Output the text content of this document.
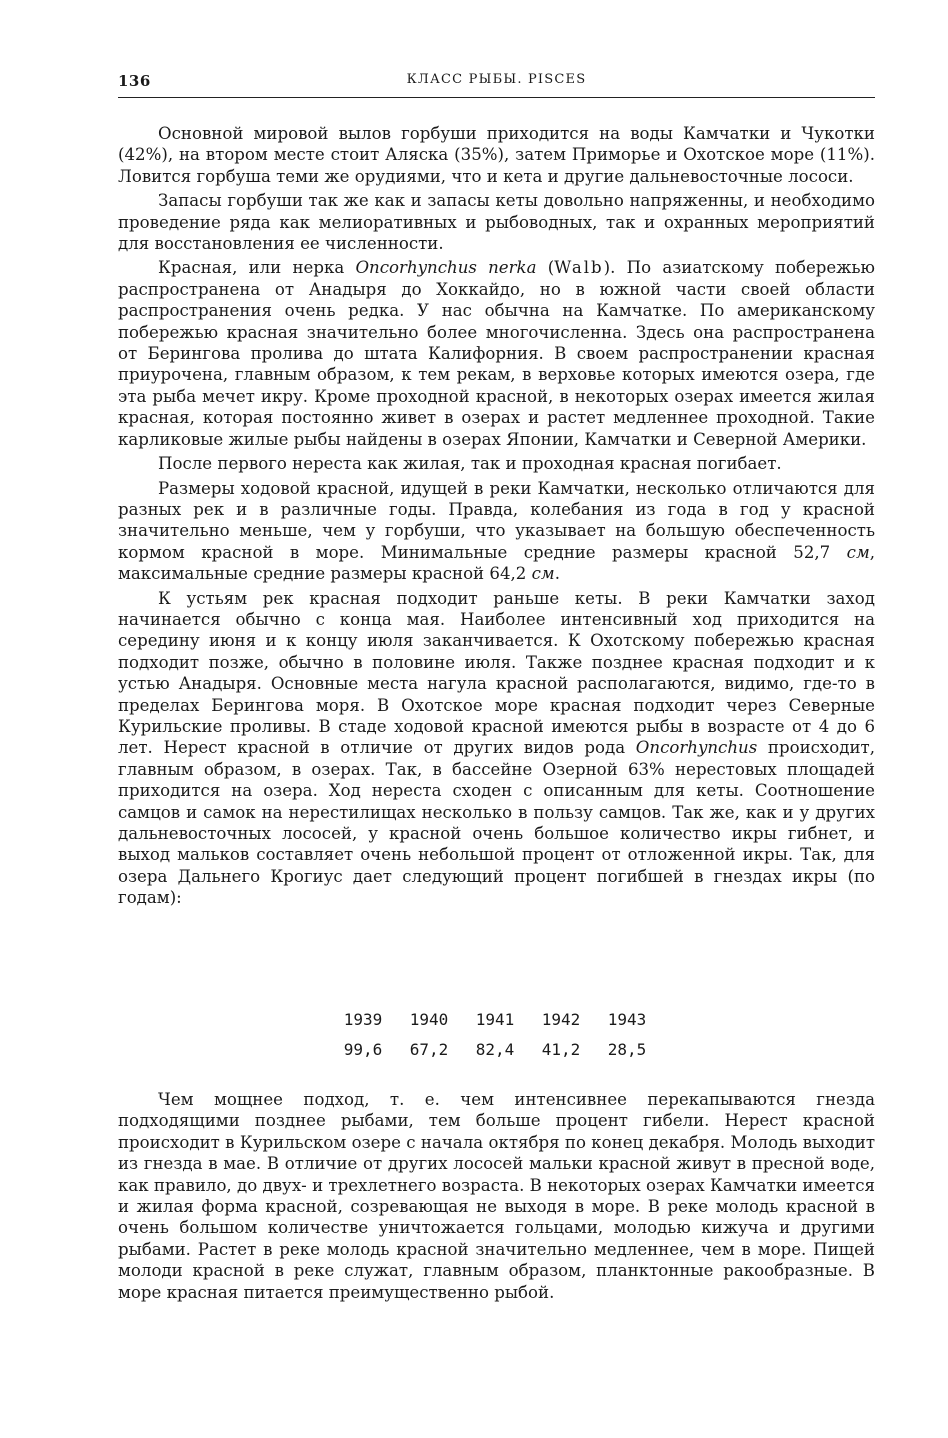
136	КЛАСС РЫБЫ. PISCES

Основной мировой вылов горбуши приходится на воды Камчатки и Чукотки (42%), на втором месте стоит Аляска (35%), затем Приморье и Охотское море (11%). Ловится горбуша теми же орудиями, что и кета и другие дальневосточные лососи.

Запасы горбуши так же как и запасы кеты довольно напряженны, и необходимо проведение ряда как мелиоративных и рыбоводных, так и охранных мероприятий для восстановления ее численности.

Красная, или нерка Oncorhynchus nerka (Walb). По азиатскому побережью распространена от Анадыря до Хоккайдо, но в южной части своей области распространения очень редка. У нас обычна на Камчатке. По американскому побережью красная значительно более многочисленна. Здесь она распространена от Берингова пролива до штата Калифорния. В своем распространении красная приурочена, главным образом, к тем рекам, в верховье которых имеются озера, где эта рыба мечет икру. Кроме проходной красной, в некоторых озерах имеется жилая красная, которая постоянно живет в озерах и растет медленнее проходной. Такие карликовые жилые рыбы найдены в озерах Японии, Камчатки и Северной Америки.

После первого нереста как жилая, так и проходная красная погибает.

Размеры ходовой красной, идущей в реки Камчатки, несколько отличаются для разных рек и в различные годы. Правда, колебания из года в год у красной значительно меньше, чем у горбуши, что указывает на большую обеспеченность кормом красной в море. Минимальные средние размеры красной 52,7 см, максимальные средние размеры красной 64,2 см.

К устьям рек красная подходит раньше кеты. В реки Камчатки заход начинается обычно с конца мая. Наиболее интенсивный ход приходится на середину июня и к концу июля заканчивается. К Охотскому побережью красная подходит позже, обычно в половине июля. Также позднее красная подходит и к устью Анадыря. Основные места нагула красной располагаются, видимо, где-то в пределах Берингова моря. В Охотское море красная подходит через Северные Курильские проливы. В стаде ходовой красной имеются рыбы в возрасте от 4 до 6 лет. Нерест красной в отличие от других видов рода Oncorhynchus происходит, главным образом, в озерах. Так, в бассейне Озерной 63% нерестовых площадей приходится на озера. Ход нереста сходен с описанным для кеты. Соотношение самцов и самок на нерестилищах несколько в пользу самцов. Так же, как и у других дальневосточных лососей, у красной очень большое количество икры гибнет, и выход мальков составляет очень небольшой процент от отложенной икры. Так, для озера Дальнего Крогиус дает следующий процент погибшей в гнездах икры (по годам):

1939	1940	1941	1942	1943
99,6	67,2	82,4	41,2	28,5

Чем мощнее подход, т. е. чем интенсивнее перекапываются гнезда подходящими позднее рыбами, тем больше процент гибели. Нерест красной происходит в Курильском озере с начала октября по конец декабря. Молодь выходит из гнезда в мае. В отличие от других лососей мальки красной живут в пресной воде, как правило, до двух- и трехлетнего возраста. В некоторых озерах Камчатки имеется и жилая форма красной, созревающая не выходя в море. В реке молодь красной в очень большом количестве уничтожается гольцами, молодью кижуча и другими рыбами. Растет в реке молодь красной значительно медленнее, чем в море. Пищей молоди красной в реке служат, главным образом, планктонные ракообразные. В море красная питается преимущественно рыбой.
